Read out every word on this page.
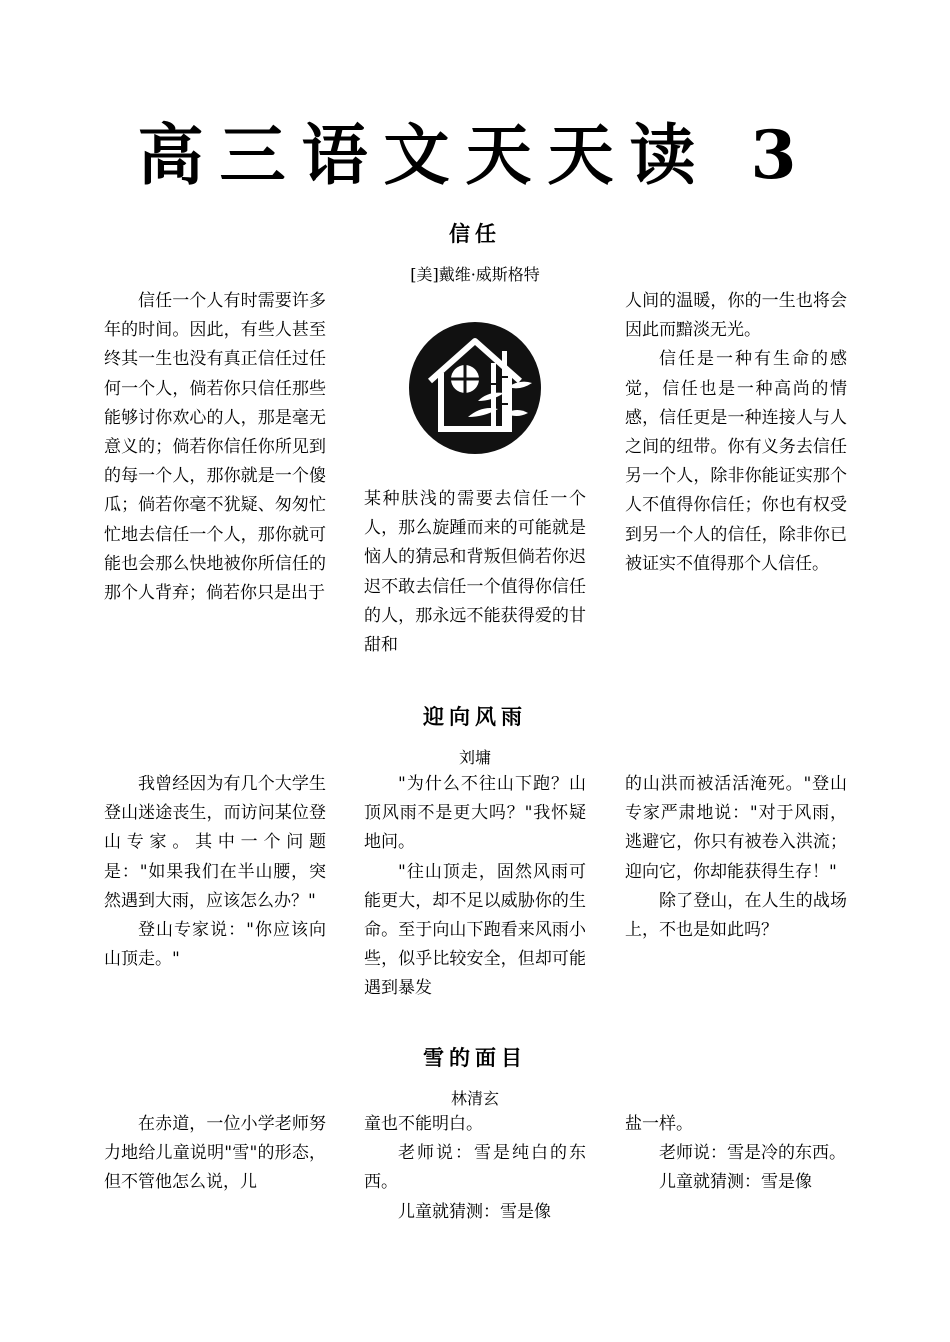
高三语文天天读 3
信任
[美]戴维·威斯格特

信任一个人有时需要许多年的时间。因此，有些人甚至终其一生也没有真正信任过任何一个人，倘若你只信任那些能够讨你欢心的人，那是毫无意义的；倘若你信任你所见到的每一个人，那你就是一个傻瓜；倘若你毫不犹疑、匆匆忙忙地去信任一个人，那你就可能也会那么快地被你所信任的那个人背弃；倘若你只是出于

某种肤浅的需要去信任一个人，那么旋踵而来的可能就是恼人的猜忌和背叛但倘若你迟迟不敢去信任一个值得你信任的人，那永远不能获得爱的甘甜和

人间的温暖，你的一生也将会因此而黯淡无光。

信任是一种有生命的感觉，信任也是一种高尚的情感，信任更是一种连接人与人之间的纽带。你有义务去信任另一个人，除非你能证实那个人不值得你信任；你也有权受到另一个人的信任，除非你已被证实不值得那个人信任。

迎向风雨
刘墉

我曾经因为有几个大学生登山迷途丧生，而访问某位登山专家。其中一个问题是："如果我们在半山腰，突然遇到大雨，应该怎么办？"

登山专家说："你应该向山顶走。"

"为什么不往山下跑？山顶风雨不是更大吗？"我怀疑地问。

"往山顶走，固然风雨可能更大，却不足以威胁你的生命。至于向山下跑看来风雨小些，似乎比较安全，但却可能遇到暴发

的山洪而被活活淹死。"登山专家严肃地说："对于风雨，逃避它，你只有被卷入洪流；迎向它，你却能获得生存！"

除了登山，在人生的战场上，不也是如此吗？

雪的面目
林清玄

在赤道，一位小学老师努力地给儿童说明"雪"的形态，但不管他怎么说，儿

童也不能明白。

老师说：雪是纯白的东西。

儿童就猜测：雪是像

盐一样。

老师说：雪是冷的东西。

儿童就猜测：雪是像
